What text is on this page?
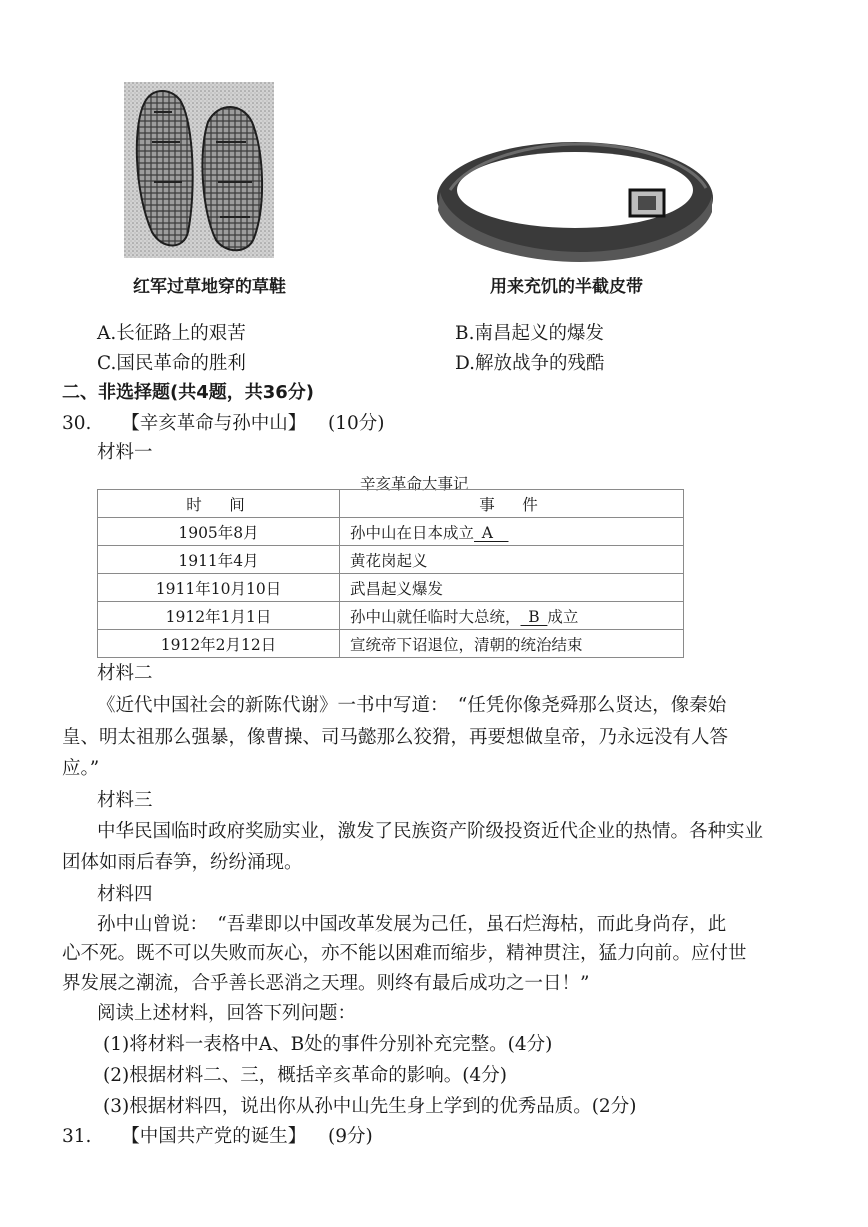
红军过草地穿的草鞋	用来充饥的半截皮带
A.长征路上的艰苦	B.南昌起义的爆发
C.国民革命的胜利	D.解放战争的残酷
二、非选择题(共4题，共36分)
30. 【辛亥革命与孙中山】 (10分)
材料一
辛亥革命大事记
时　间	事　件
1905年8月	孙中山在日本成立_A__
1911年4月	黄花岗起义
1911年10月10日	武昌起义爆发
1912年1月1日	孙中山就任临时大总统，_B_成立
1912年2月12日	宣统帝下诏退位，清朝的统治结束
材料二
《近代中国社会的新陈代谢》一书中写道：　“任凭你像尧舜那么贤达，像秦始
皇、明太祖那么强暴，像曹操、司马懿那么狡猾，再要想做皇帝，乃永远没有人答
应。”
材料三
中华民国临时政府奖励实业，激发了民族资产阶级投资近代企业的热情。各种实业
团体如雨后春笋，纷纷涌现。
材料四
孙中山曾说：　“吾辈即以中国改革发展为己任，虽石烂海枯，而此身尚存，此
心不死。既不可以失败而灰心，亦不能以困难而缩步，精神贯注，猛力向前。应付世
界发展之潮流，合乎善长恶消之天理。则终有最后成功之一日！”
阅读上述材料，回答下列问题：
(1)将材料一表格中A、B处的事件分别补充完整。(4分)
(2)根据材料二、三，概括辛亥革命的影响。(4分)
(3)根据材料四，说出你从孙中山先生身上学到的优秀品质。(2分)
31. 【中国共产党的诞生】 (9分)
